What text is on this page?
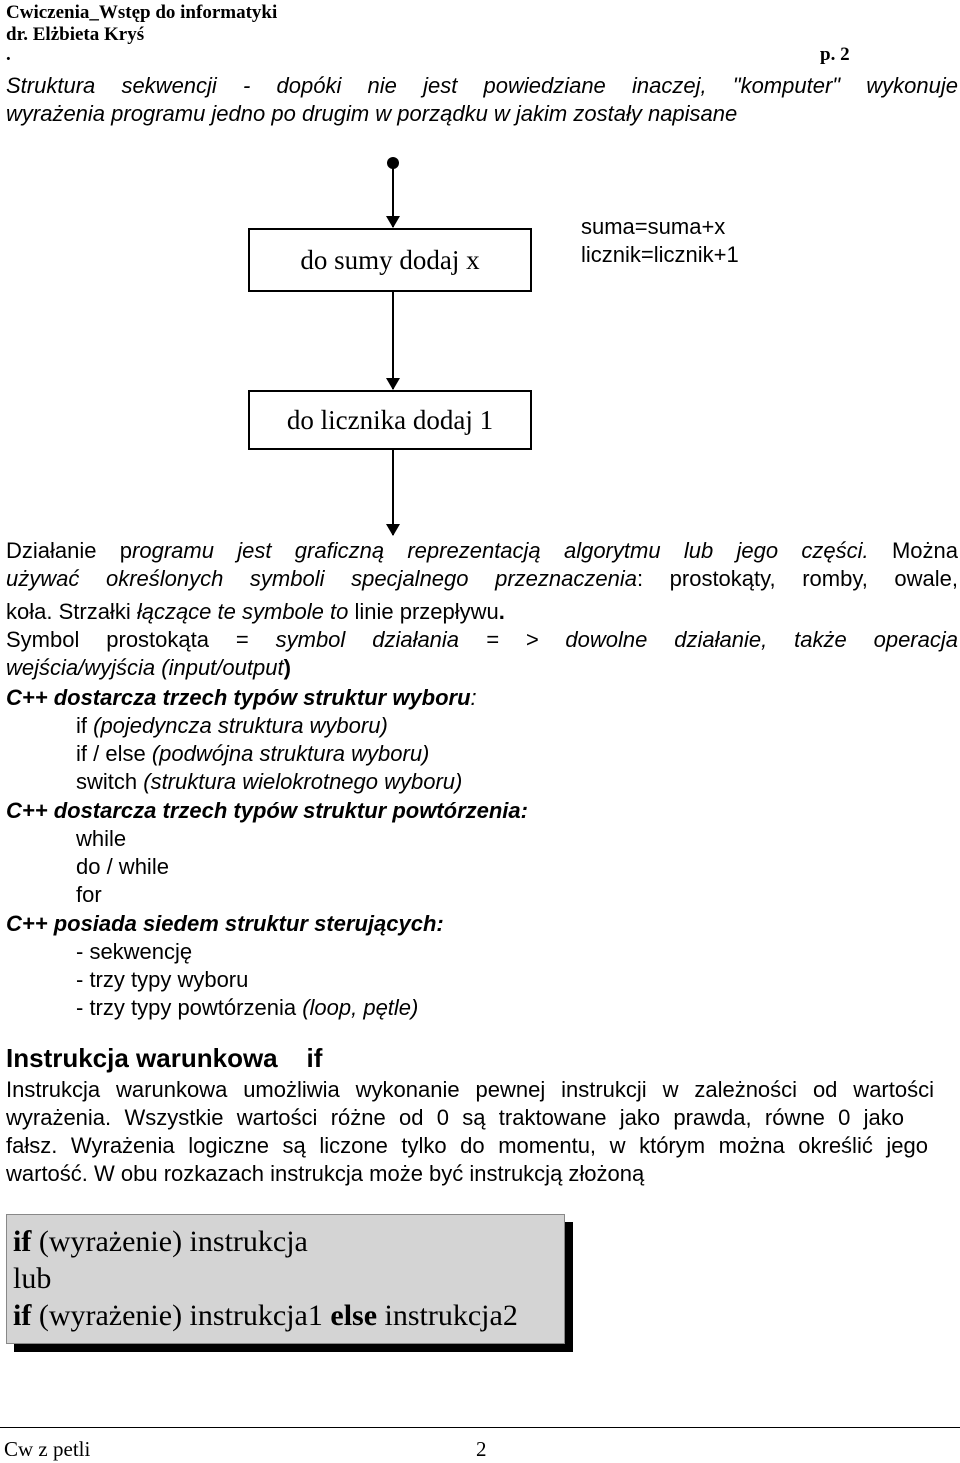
Cwiczenia_Wstęp do informatyki
dr. Elżbieta Kryś
.	p. 2
Struktura sekwencji - dopóki nie jest powiedziane inaczej, "komputer" wykonuje
wyrażenia programu jedno po drugim w porządku w jakim zostały napisane
do sumy dodaj x
do licznika dodaj 1
suma=suma+x
licznik=licznik+1
Działanie programu jest graficzną reprezentacją algorytmu lub jego części. Można
używać określonych symboli specjalnego przeznaczenia: prostokąty, romby, owale,
koła. Strzałki łączące te symbole to linie przepływu.
Symbol prostokąta = symbol działania = > dowolne działanie, także operacja
wejścia/wyjścia (input/output)
C++ dostarcza trzech typów struktur wyboru:
if (pojedyncza struktura wyboru)
if / else (podwójna struktura wyboru)
switch (struktura wielokrotnego wyboru)
C++ dostarcza trzech typów struktur powtórzenia:
while
do / while
for
C++ posiada siedem struktur sterujących:
- sekwencję
- trzy typy wyboru
- trzy typy powtórzenia (loop, pętle)
Instrukcja warunkowa    if
Instrukcja warunkowa umożliwia wykonanie pewnej instrukcji w zależności od wartości
wyrażenia. Wszystkie wartości różne od 0 są traktowane jako prawda, równe 0 jako
fałsz. Wyrażenia logiczne są liczone tylko do momentu, w którym można określić jego
wartość. W obu rozkazach instrukcja może być instrukcją złożoną
if (wyrażenie) instrukcja
lub
if (wyrażenie) instrukcja1 else instrukcja2
Cw z petli	2
